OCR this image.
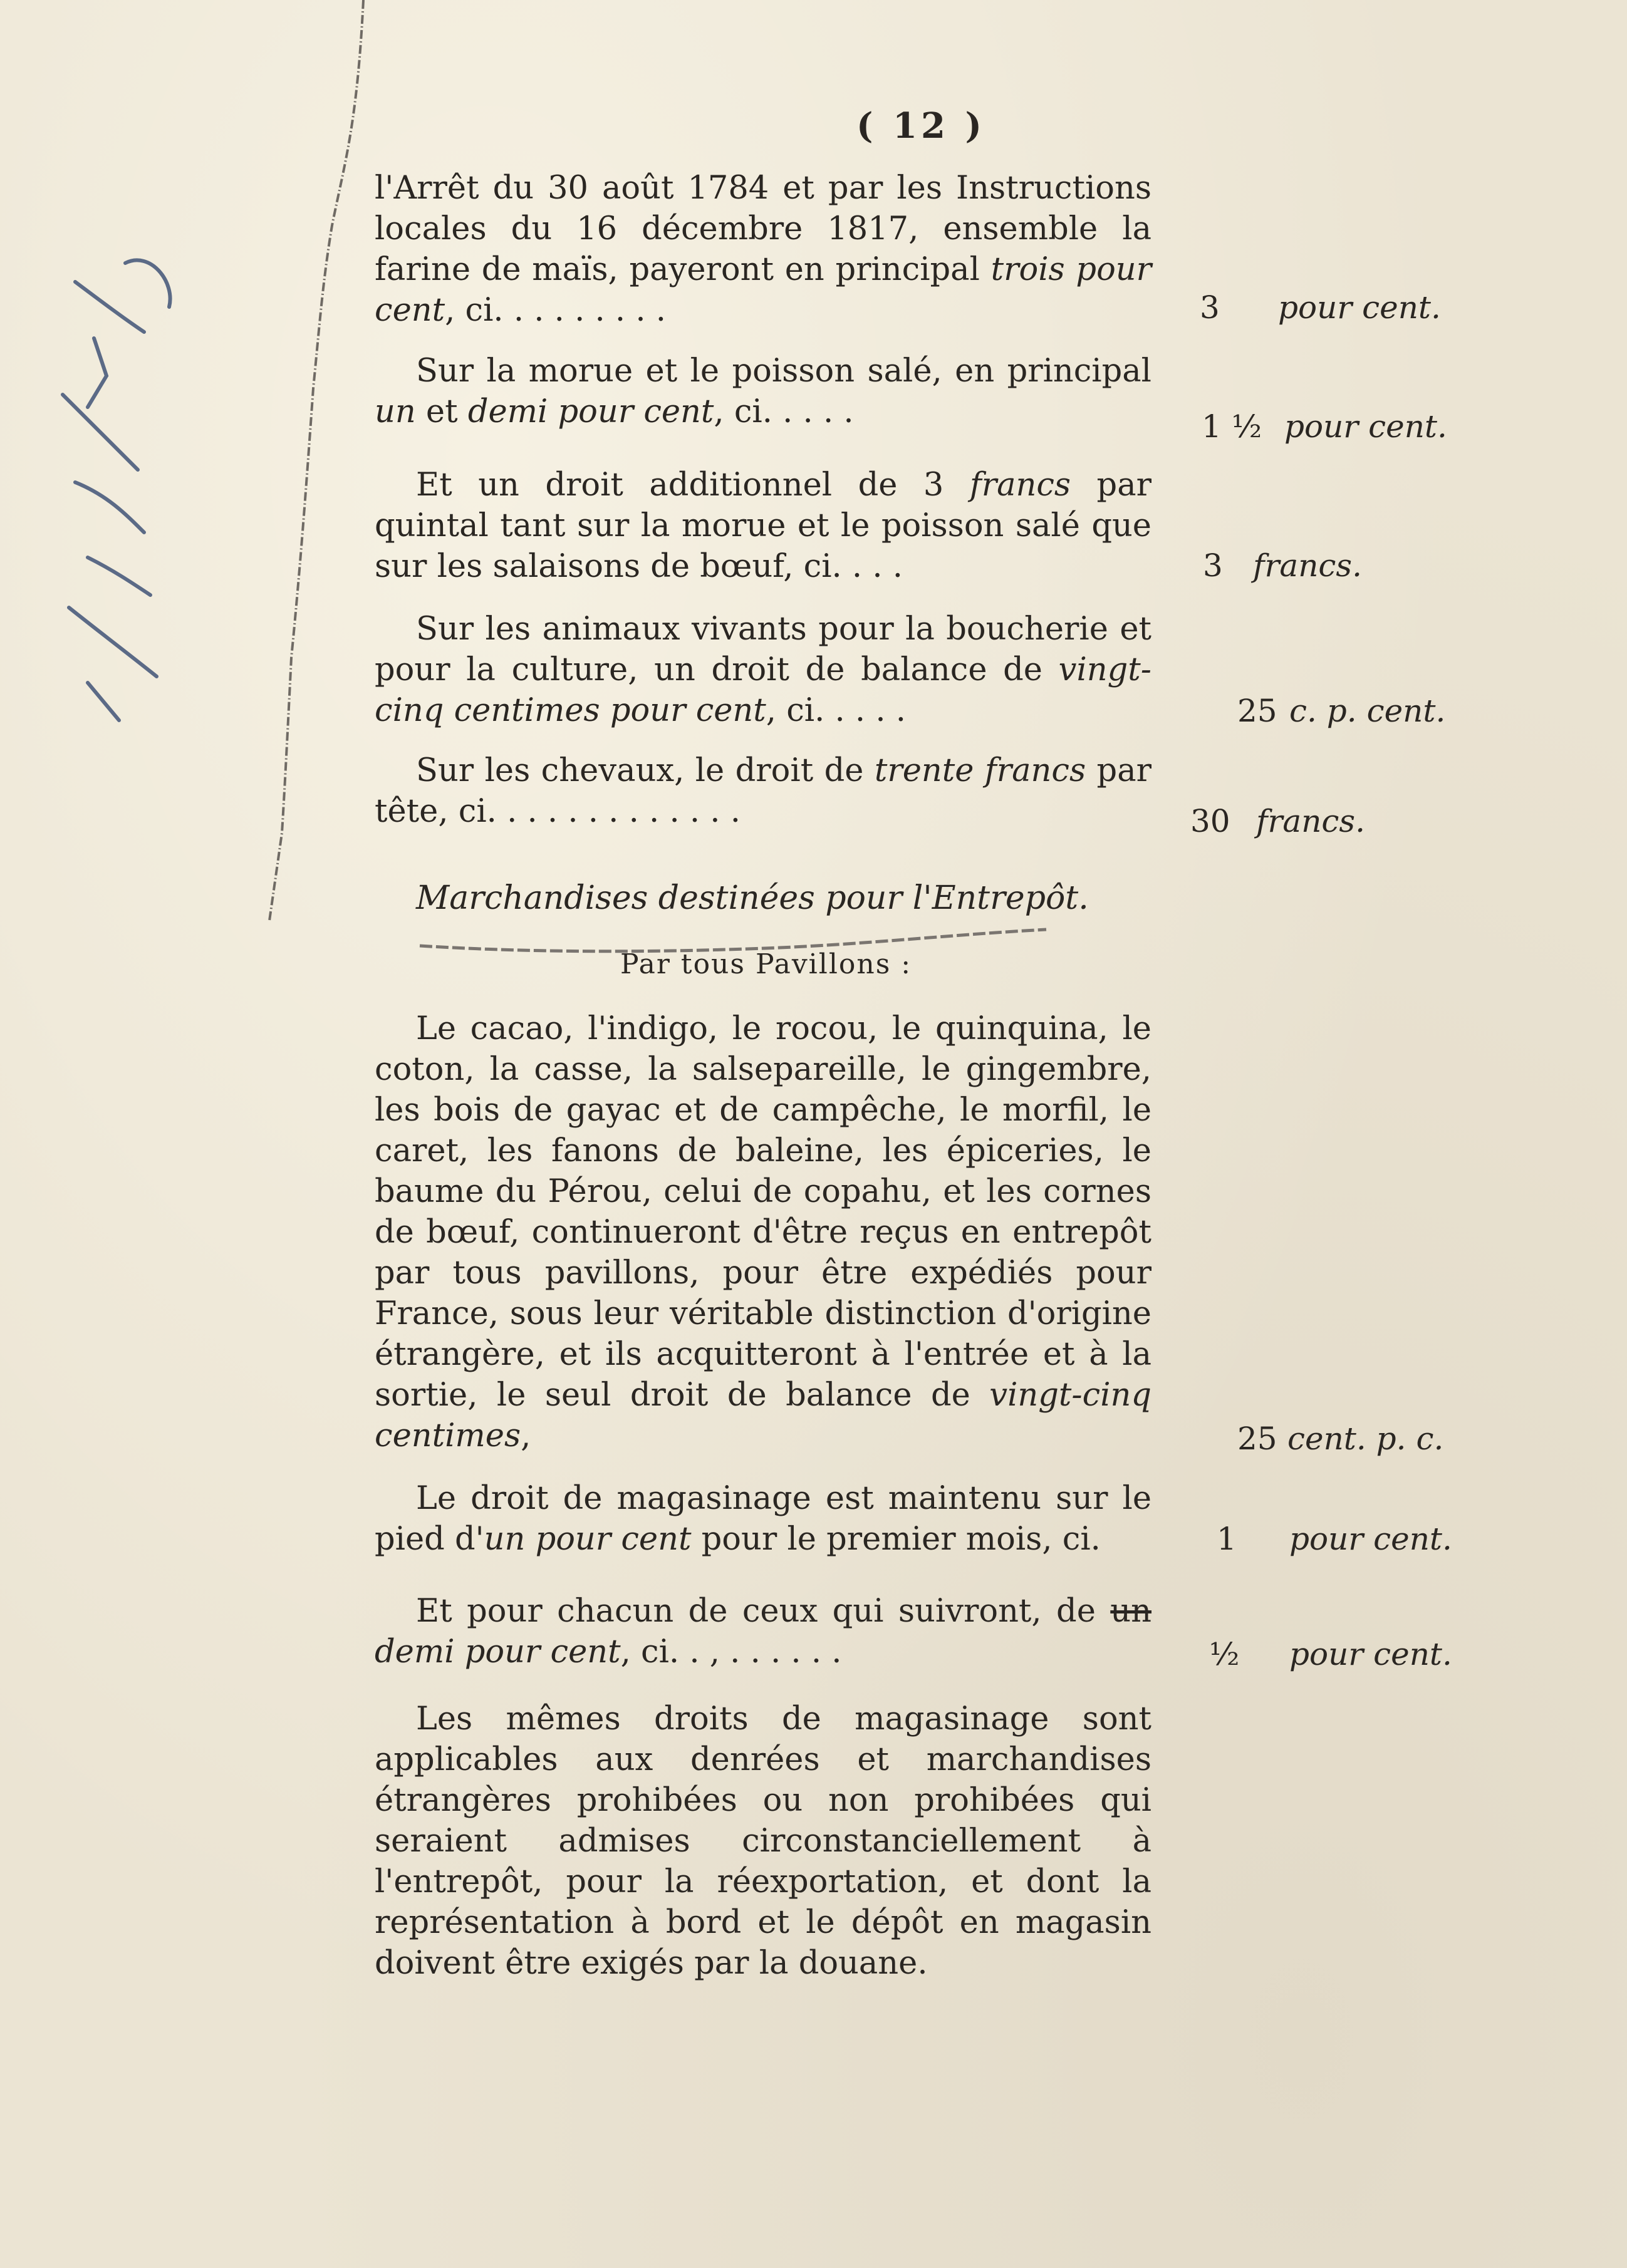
( 12 )

l'Arrêt du 30 août 1784 et par les Instructions locales du 16 décembre 1817, ensemble la farine de maïs, payeront en principal trois pour cent, ci. . . . . . . . .	3 pour cent.

Sur la morue et le poisson salé, en principal un et demi pour cent, ci. . . . .	1 ½ pour cent.

Et un droit additionnel de 3 francs par quintal tant sur la morue et le poisson salé que sur les salaisons de bœuf, ci. . . .	3 francs.

Sur les animaux vivants pour la boucherie et pour la culture, un droit de balance de vingt-cinq centimes pour cent, ci. . . . .	25 c. p. cent.

Sur les chevaux, le droit de trente francs par tête, ci. . . . . . . . . . . . .	30 francs.
Marchandises destinées pour l'Entrepôt.
Par tous Pavillons :

Le cacao, l'indigo, le rocou, le quinquina, le coton, la casse, la salsepareille, le gingembre, les bois de gayac et de campêche, le morfil, le caret, les fanons de baleine, les épiceries, le baume du Pérou, celui de copahu, et les cornes de bœuf, continueront d'être reçus en entrepôt par tous pavillons, pour être expédiés pour France, sous leur véritable distinction d'origine étrangère, et ils acquitteront à l'entrée et à la sortie, le seul droit de balance de vingt-cinq centimes,	25 cent. p. c.

Le droit de magasinage est maintenu sur le pied d'un pour cent pour le premier mois, ci.	1 pour cent.

Et pour chacun de ceux qui suivront, de un demi pour cent, ci. . , . . . . . .	½ pour cent.

Les mêmes droits de magasinage sont applicables aux denrées et marchandises étrangères prohibées ou non prohibées qui seraient admises circonstanciellement à l'entrepôt, pour la réexportation, et dont la représentation à bord et le dépôt en magasin doivent être exigés par la douane.
